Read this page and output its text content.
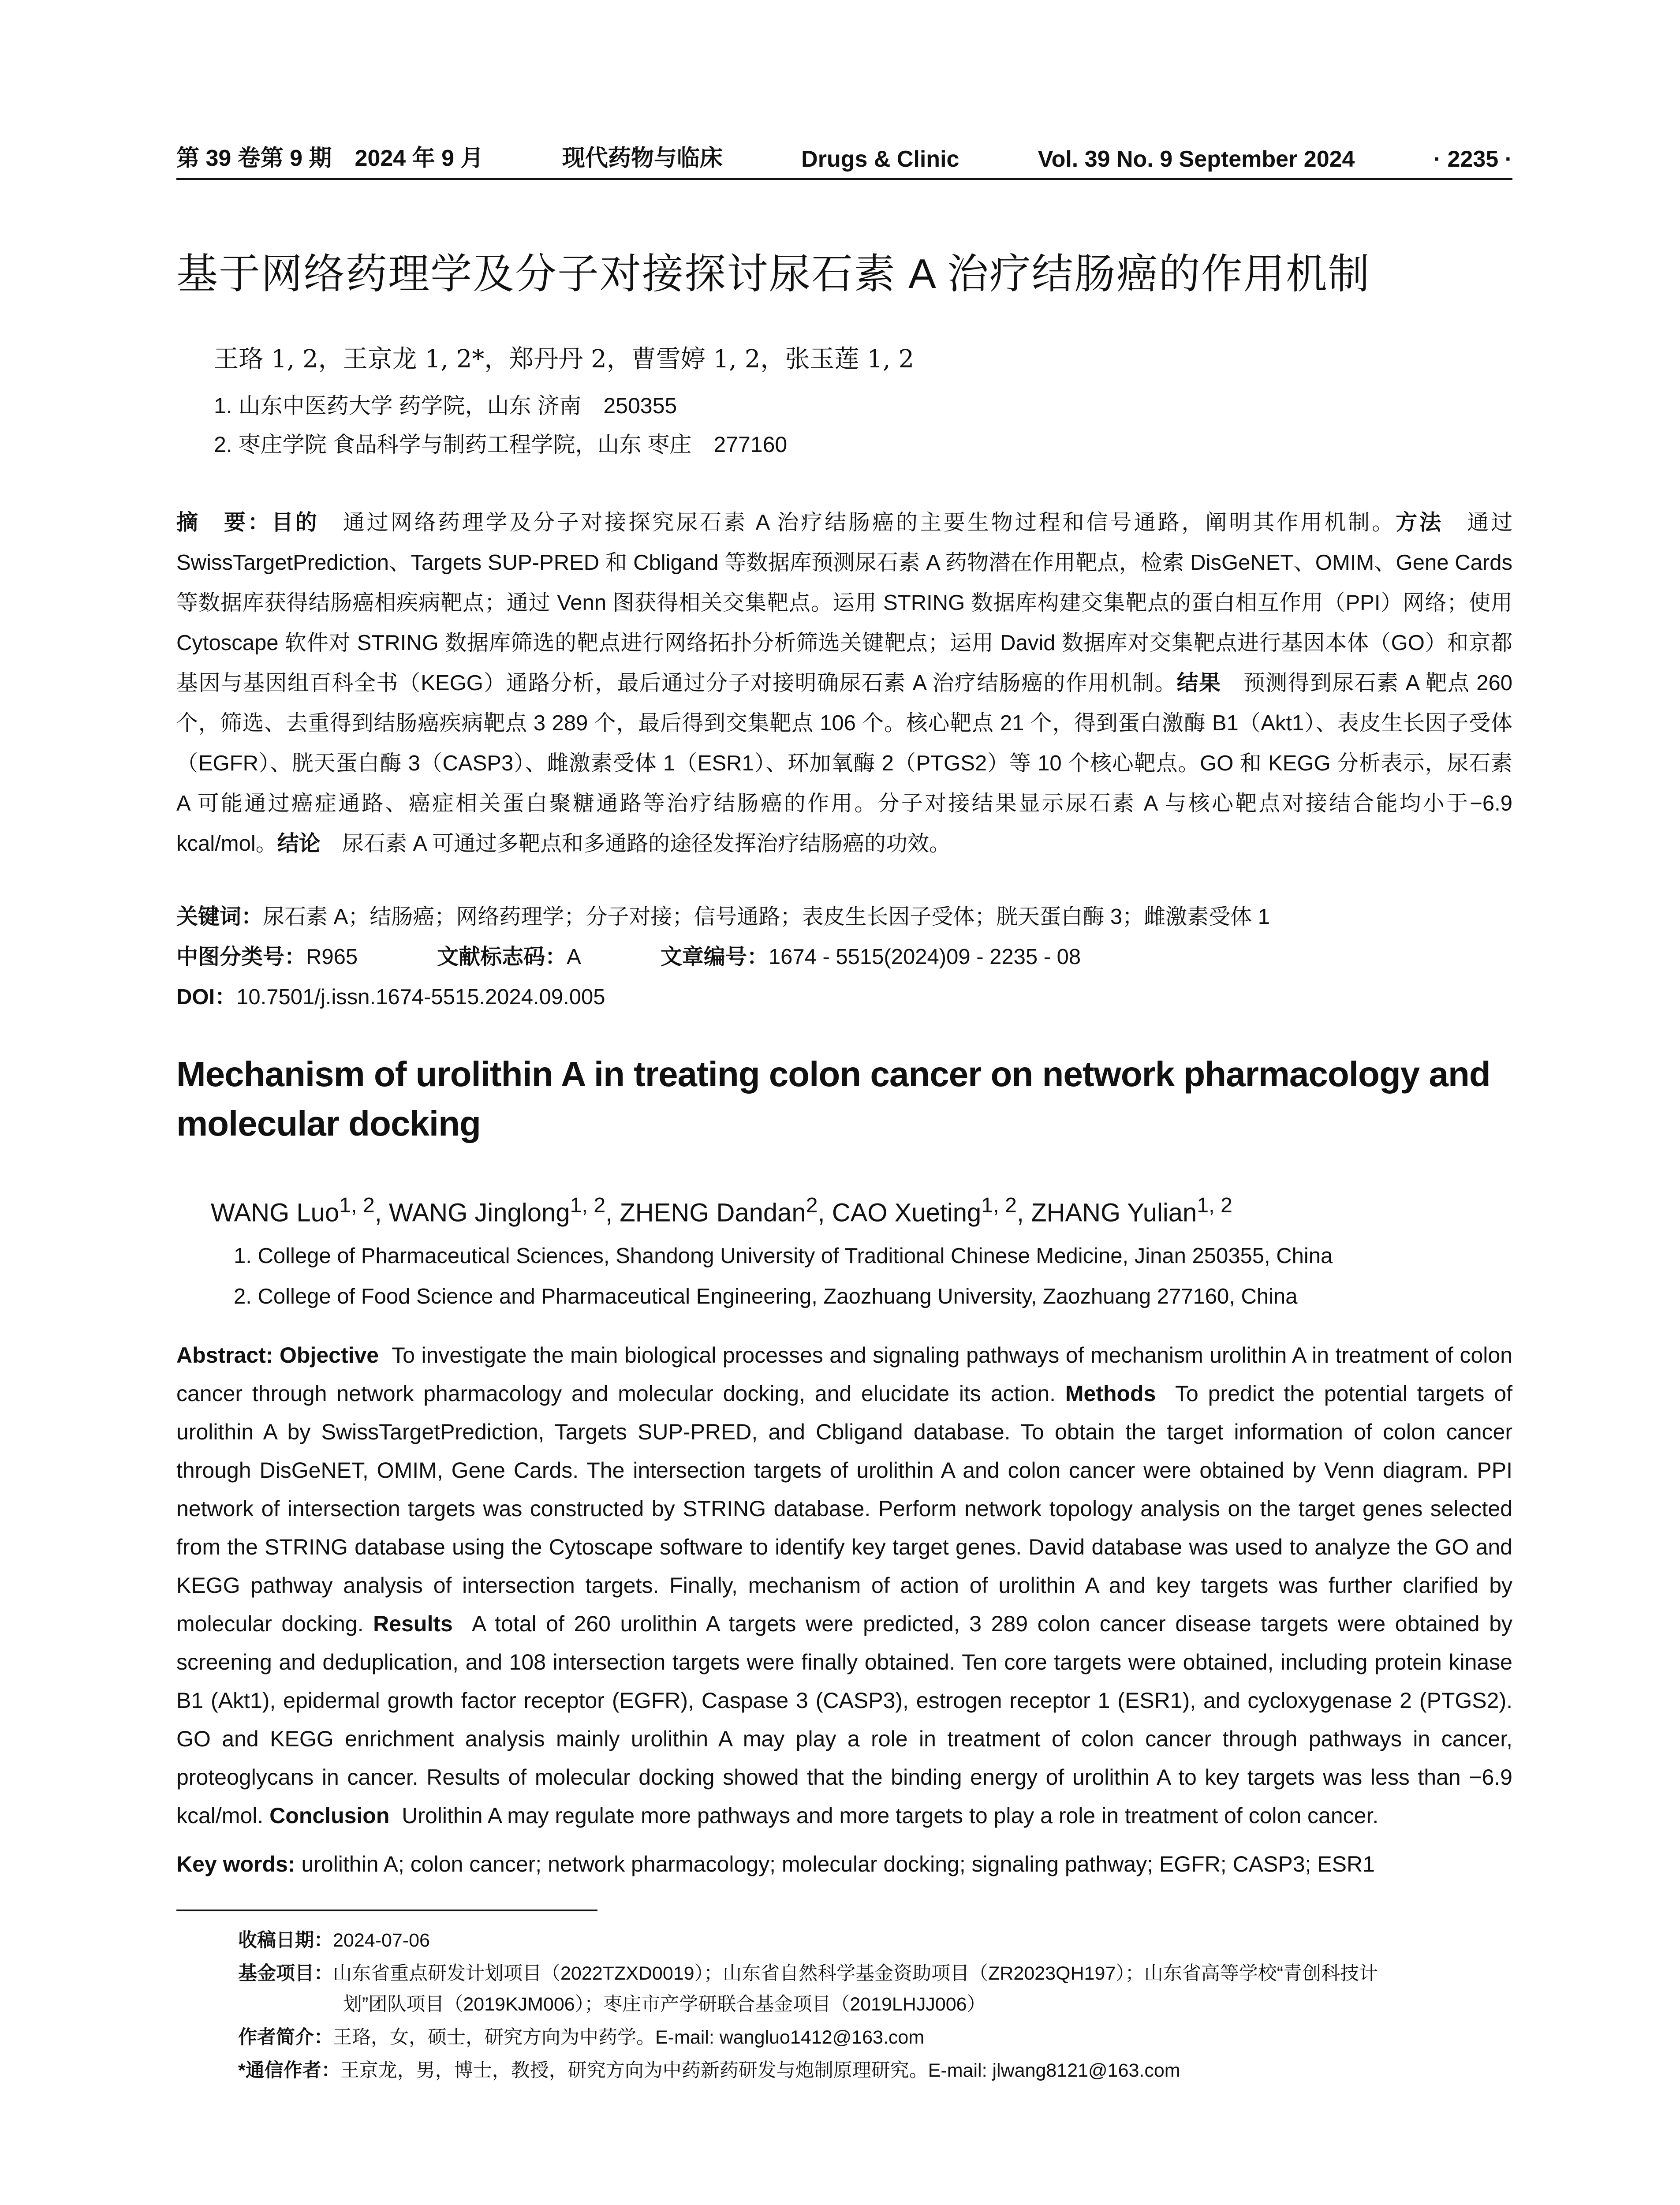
第 39 卷第 9 期　2024 年 9 月	现代药物与临床	Drugs & Clinic	Vol. 39 No. 9 September 2024	· 2235 ·
基于网络药理学及分子对接探讨尿石素 A 治疗结肠癌的作用机制
王珞 1, 2，王京龙 1, 2*，郑丹丹 2，曹雪婷 1, 2，张玉莲 1, 2
1. 山东中医药大学 药学院，山东 济南　250355
2. 枣庄学院 食品科学与制药工程学院，山东 枣庄　277160
摘　要：目的　通过网络药理学及分子对接探究尿石素 A 治疗结肠癌的主要生物过程和信号通路，阐明其作用机制。方法　通过 SwissTargetPrediction、Targets SUP-PRED 和 Cbligand 等数据库预测尿石素 A 药物潜在作用靶点，检索 DisGeNET、OMIM、Gene Cards 等数据库获得结肠癌相疾病靶点；通过 Venn 图获得相关交集靶点。运用 STRING 数据库构建交集靶点的蛋白相互作用（PPI）网络；使用 Cytoscape 软件对 STRING 数据库筛选的靶点进行网络拓扑分析筛选关键靶点；运用 David 数据库对交集靶点进行基因本体（GO）和京都基因与基因组百科全书（KEGG）通路分析，最后通过分子对接明确尿石素 A 治疗结肠癌的作用机制。结果　预测得到尿石素 A 靶点 260 个，筛选、去重得到结肠癌疾病靶点 3 289 个，最后得到交集靶点 106 个。核心靶点 21 个，得到蛋白激酶 B1（Akt1）、表皮生长因子受体（EGFR）、胱天蛋白酶 3（CASP3）、雌激素受体 1（ESR1）、环加氧酶 2（PTGS2）等 10 个核心靶点。GO 和 KEGG 分析表示，尿石素 A 可能通过癌症通路、癌症相关蛋白聚糖通路等治疗结肠癌的作用。分子对接结果显示尿石素 A 与核心靶点对接结合能均小于−6.9 kcal/mol。结论　尿石素 A 可通过多靶点和多通路的途径发挥治疗结肠癌的功效。
关键词：尿石素 A；结肠癌；网络药理学；分子对接；信号通路；表皮生长因子受体；胱天蛋白酶 3；雌激素受体 1
中图分类号：R965	文献标志码：A	文章编号：1674 - 5515(2024)09 - 2235 - 08
DOI：10.7501/j.issn.1674-5515.2024.09.005
Mechanism of urolithin A in treating colon cancer on network pharmacology and molecular docking
WANG Luo$^{1, 2}$, WANG Jinglong$^{1, 2}$, ZHENG Dandan$^2$, CAO Xueting$^{1, 2}$, ZHANG Yulian$^{1, 2}$
1. College of Pharmaceutical Sciences, Shandong University of Traditional Chinese Medicine, Jinan 250355, China
2. College of Food Science and Pharmaceutical Engineering, Zaozhuang University, Zaozhuang 277160, China
Abstract: Objective To investigate the main biological processes and signaling pathways of mechanism urolithin A in treatment of colon cancer through network pharmacology and molecular docking, and elucidate its action. Methods To predict the potential targets of urolithin A by SwissTargetPrediction, Targets SUP-PRED, and Cbligand database. To obtain the target information of colon cancer through DisGeNET, OMIM, Gene Cards. The intersection targets of urolithin A and colon cancer were obtained by Venn diagram. PPI network of intersection targets was constructed by STRING database. Perform network topology analysis on the target genes selected from the STRING database using the Cytoscape software to identify key target genes. David database was used to analyze the GO and KEGG pathway analysis of intersection targets. Finally, mechanism of action of urolithin A and key targets was further clarified by molecular docking. Results A total of 260 urolithin A targets were predicted, 3 289 colon cancer disease targets were obtained by screening and deduplication, and 108 intersection targets were finally obtained. Ten core targets were obtained, including protein kinase B1 (Akt1), epidermal growth factor receptor (EGFR), Caspase 3 (CASP3), estrogen receptor 1 (ESR1), and cycloxygenase 2 (PTGS2). GO and KEGG enrichment analysis mainly urolithin A may play a role in treatment of colon cancer through pathways in cancer, proteoglycans in cancer. Results of molecular docking showed that the binding energy of urolithin A to key targets was less than −6.9 kcal/mol. Conclusion Urolithin A may regulate more pathways and more targets to play a role in treatment of colon cancer.
Key words: urolithin A; colon cancer; network pharmacology; molecular docking; signaling pathway; EGFR; CASP3; ESR1
收稿日期：2024-07-06
基金项目：山东省重点研发计划项目（2022TZXD0019）；山东省自然科学基金资助项目（ZR2023QH197）；山东省高等学校“青创科技计
划”团队项目（2019KJM006）；枣庄市产学研联合基金项目（2019LHJJ006）
作者简介：王珞，女，硕士，研究方向为中药学。E-mail: wangluo1412@163.com
*通信作者：王京龙，男，博士，教授，研究方向为中药新药研发与炮制原理研究。E-mail: jlwang8121@163.com
